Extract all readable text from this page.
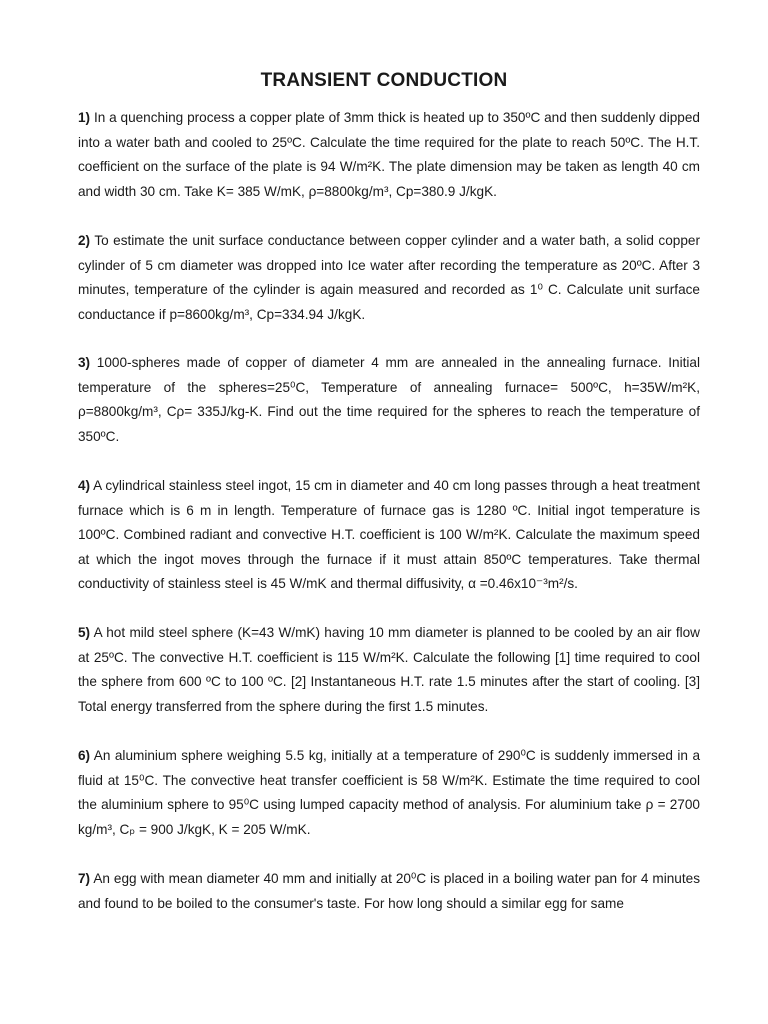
TRANSIENT CONDUCTION
1) In a quenching process a copper plate of 3mm thick is heated up to 350ºC and then suddenly dipped into a water bath and cooled to 25ºC. Calculate the time required for the plate to reach 50ºC. The H.T. coefficient on the surface of the plate is 94 W/m²K. The plate dimension may be taken as length 40 cm and width 30 cm. Take K= 385 W/mK, ρ=8800kg/m³, Cp=380.9 J/kgK.
2) To estimate the unit surface conductance between copper cylinder and a water bath, a solid copper cylinder of 5 cm diameter was dropped into Ice water after recording the temperature as 20ºC. After 3 minutes, temperature of the cylinder is again measured and recorded as 1⁰ C. Calculate unit surface conductance if p=8600kg/m³, Cp=334.94 J/kgK.
3) 1000-spheres made of copper of diameter 4 mm are annealed in the annealing furnace. Initial temperature of the spheres=25⁰C, Temperature of annealing furnace= 500ºC, h=35W/m²K, ρ=8800kg/m³, Cρ= 335J/kg-K. Find out the time required for the spheres to reach the temperature of 350ºC.
4) A cylindrical stainless steel ingot, 15 cm in diameter and 40 cm long passes through a heat treatment furnace which is 6 m in length. Temperature of furnace gas is 1280 ºC. Initial ingot temperature is 100ºC. Combined radiant and convective H.T. coefficient is 100 W/m²K. Calculate the maximum speed at which the ingot moves through the furnace if it must attain 850ºC temperatures. Take thermal conductivity of stainless steel is 45 W/mK and thermal diffusivity, α =0.46x10⁻³m²/s.
5) A hot mild steel sphere (K=43 W/mK) having 10 mm diameter is planned to be cooled by an air flow at 25ºC. The convective H.T. coefficient is 115 W/m²K. Calculate the following [1] time required to cool the sphere from 600 ºC to 100 ºC. [2] Instantaneous H.T. rate 1.5 minutes after the start of cooling. [3] Total energy transferred from the sphere during the first 1.5 minutes.
6) An aluminium sphere weighing 5.5 kg, initially at a temperature of 290⁰C is suddenly immersed in a fluid at 15⁰C. The convective heat transfer coefficient is 58 W/m²K. Estimate the time required to cool the aluminium sphere to 95⁰C using lumped capacity method of analysis. For aluminium take ρ = 2700 kg/m³, Cₚ = 900 J/kgK, K = 205 W/mK.
7) An egg with mean diameter 40 mm and initially at 20⁰C is placed in a boiling water pan for 4 minutes and found to be boiled to the consumer's taste. For how long should a similar egg for same
